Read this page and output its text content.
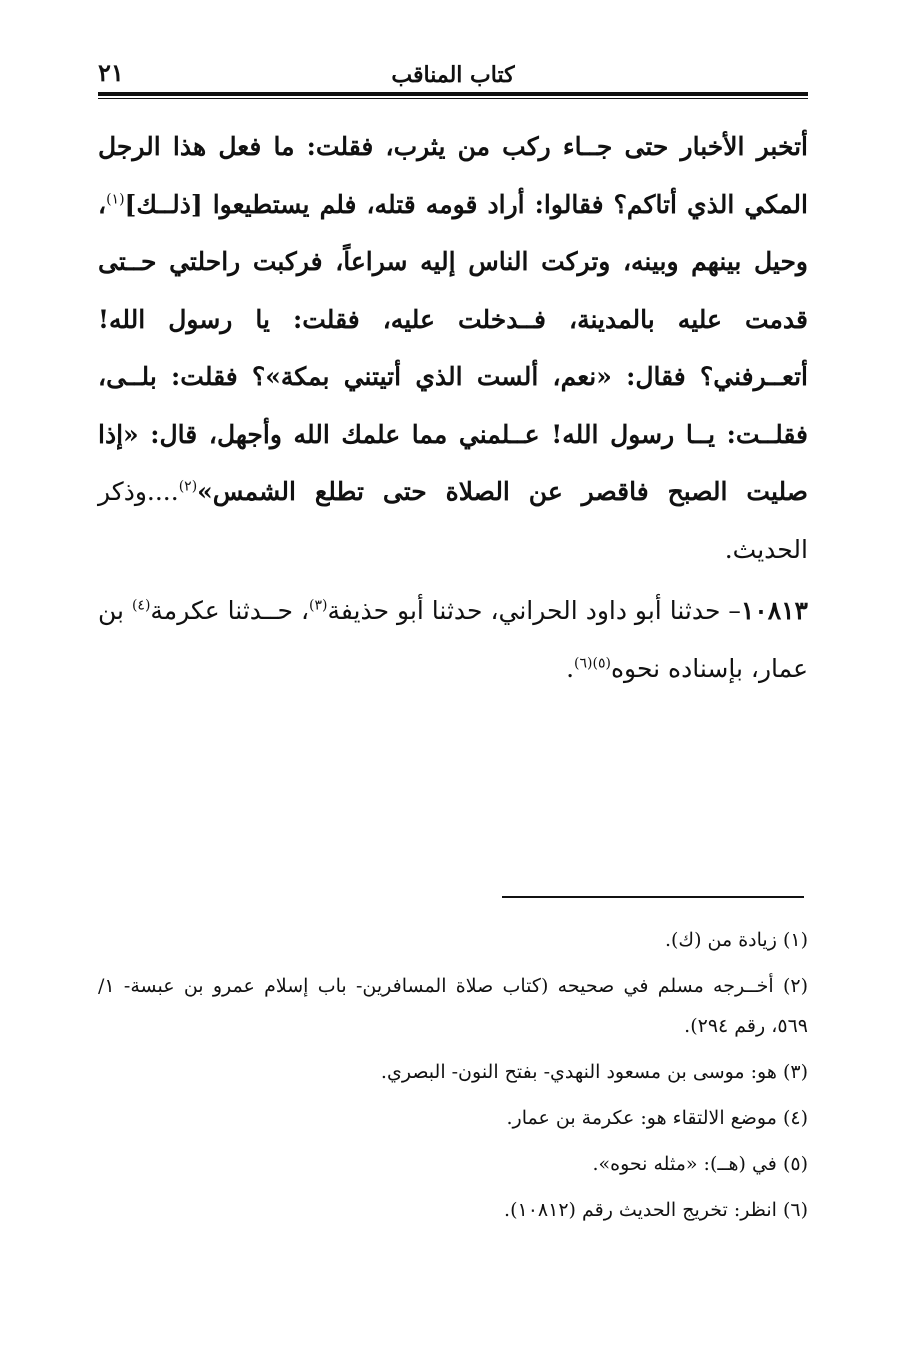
كتاب المناقب
٢١

أتخبر الأخبار حتى جــاء ركب من يثرب، فقلت: ما فعل هذا الرجل المكي الذي أتاكم؟ فقالوا: أراد قومه قتله، فلم يستطيعوا [ذلــك]$^{(١)}$، وحيل بينهم وبينه، وتركت الناس إليه سراعاً، فركبت راحلتي حــتى قدمت عليه بالمدينة، فــدخلت عليه، فقلت: يا رسول الله! أتعــرفني؟ فقال: «نعم، ألست الذي أتيتني بمكة»؟ فقلت: بلــى، فقلــت: يــا رسول الله! عــلمني مما علمك الله وأجهل، قال: «إذا صليت الصبح فاقصر عن الصلاة حتى تطلع الشمس»$^{(٢)}$....وذكر الحديث.

١٠٨١٣– حدثنا أبو داود الحراني، حدثنا أبو حذيفة$^{(٣)}$، حــدثنا عكرمة$^{(٤)}$ بن عمار، بإسناده نحوه$^{(٥)(٦)}$.

(١) زيادة من (ك).

(٢) أخــرجه مسلم في صحيحه (كتاب صلاة المسافرين- باب إسلام عمرو بن عبسة- ١/ ٥٦٩، رقم ٢٩٤).

(٣) هو: موسى بن مسعود النهدي- بفتح النون- البصري.

(٤) موضع الالتقاء هو: عكرمة بن عمار.

(٥) في (هــ): «مثله نحوه».

(٦) انظر: تخريج الحديث رقم (١٠٨١٢).
